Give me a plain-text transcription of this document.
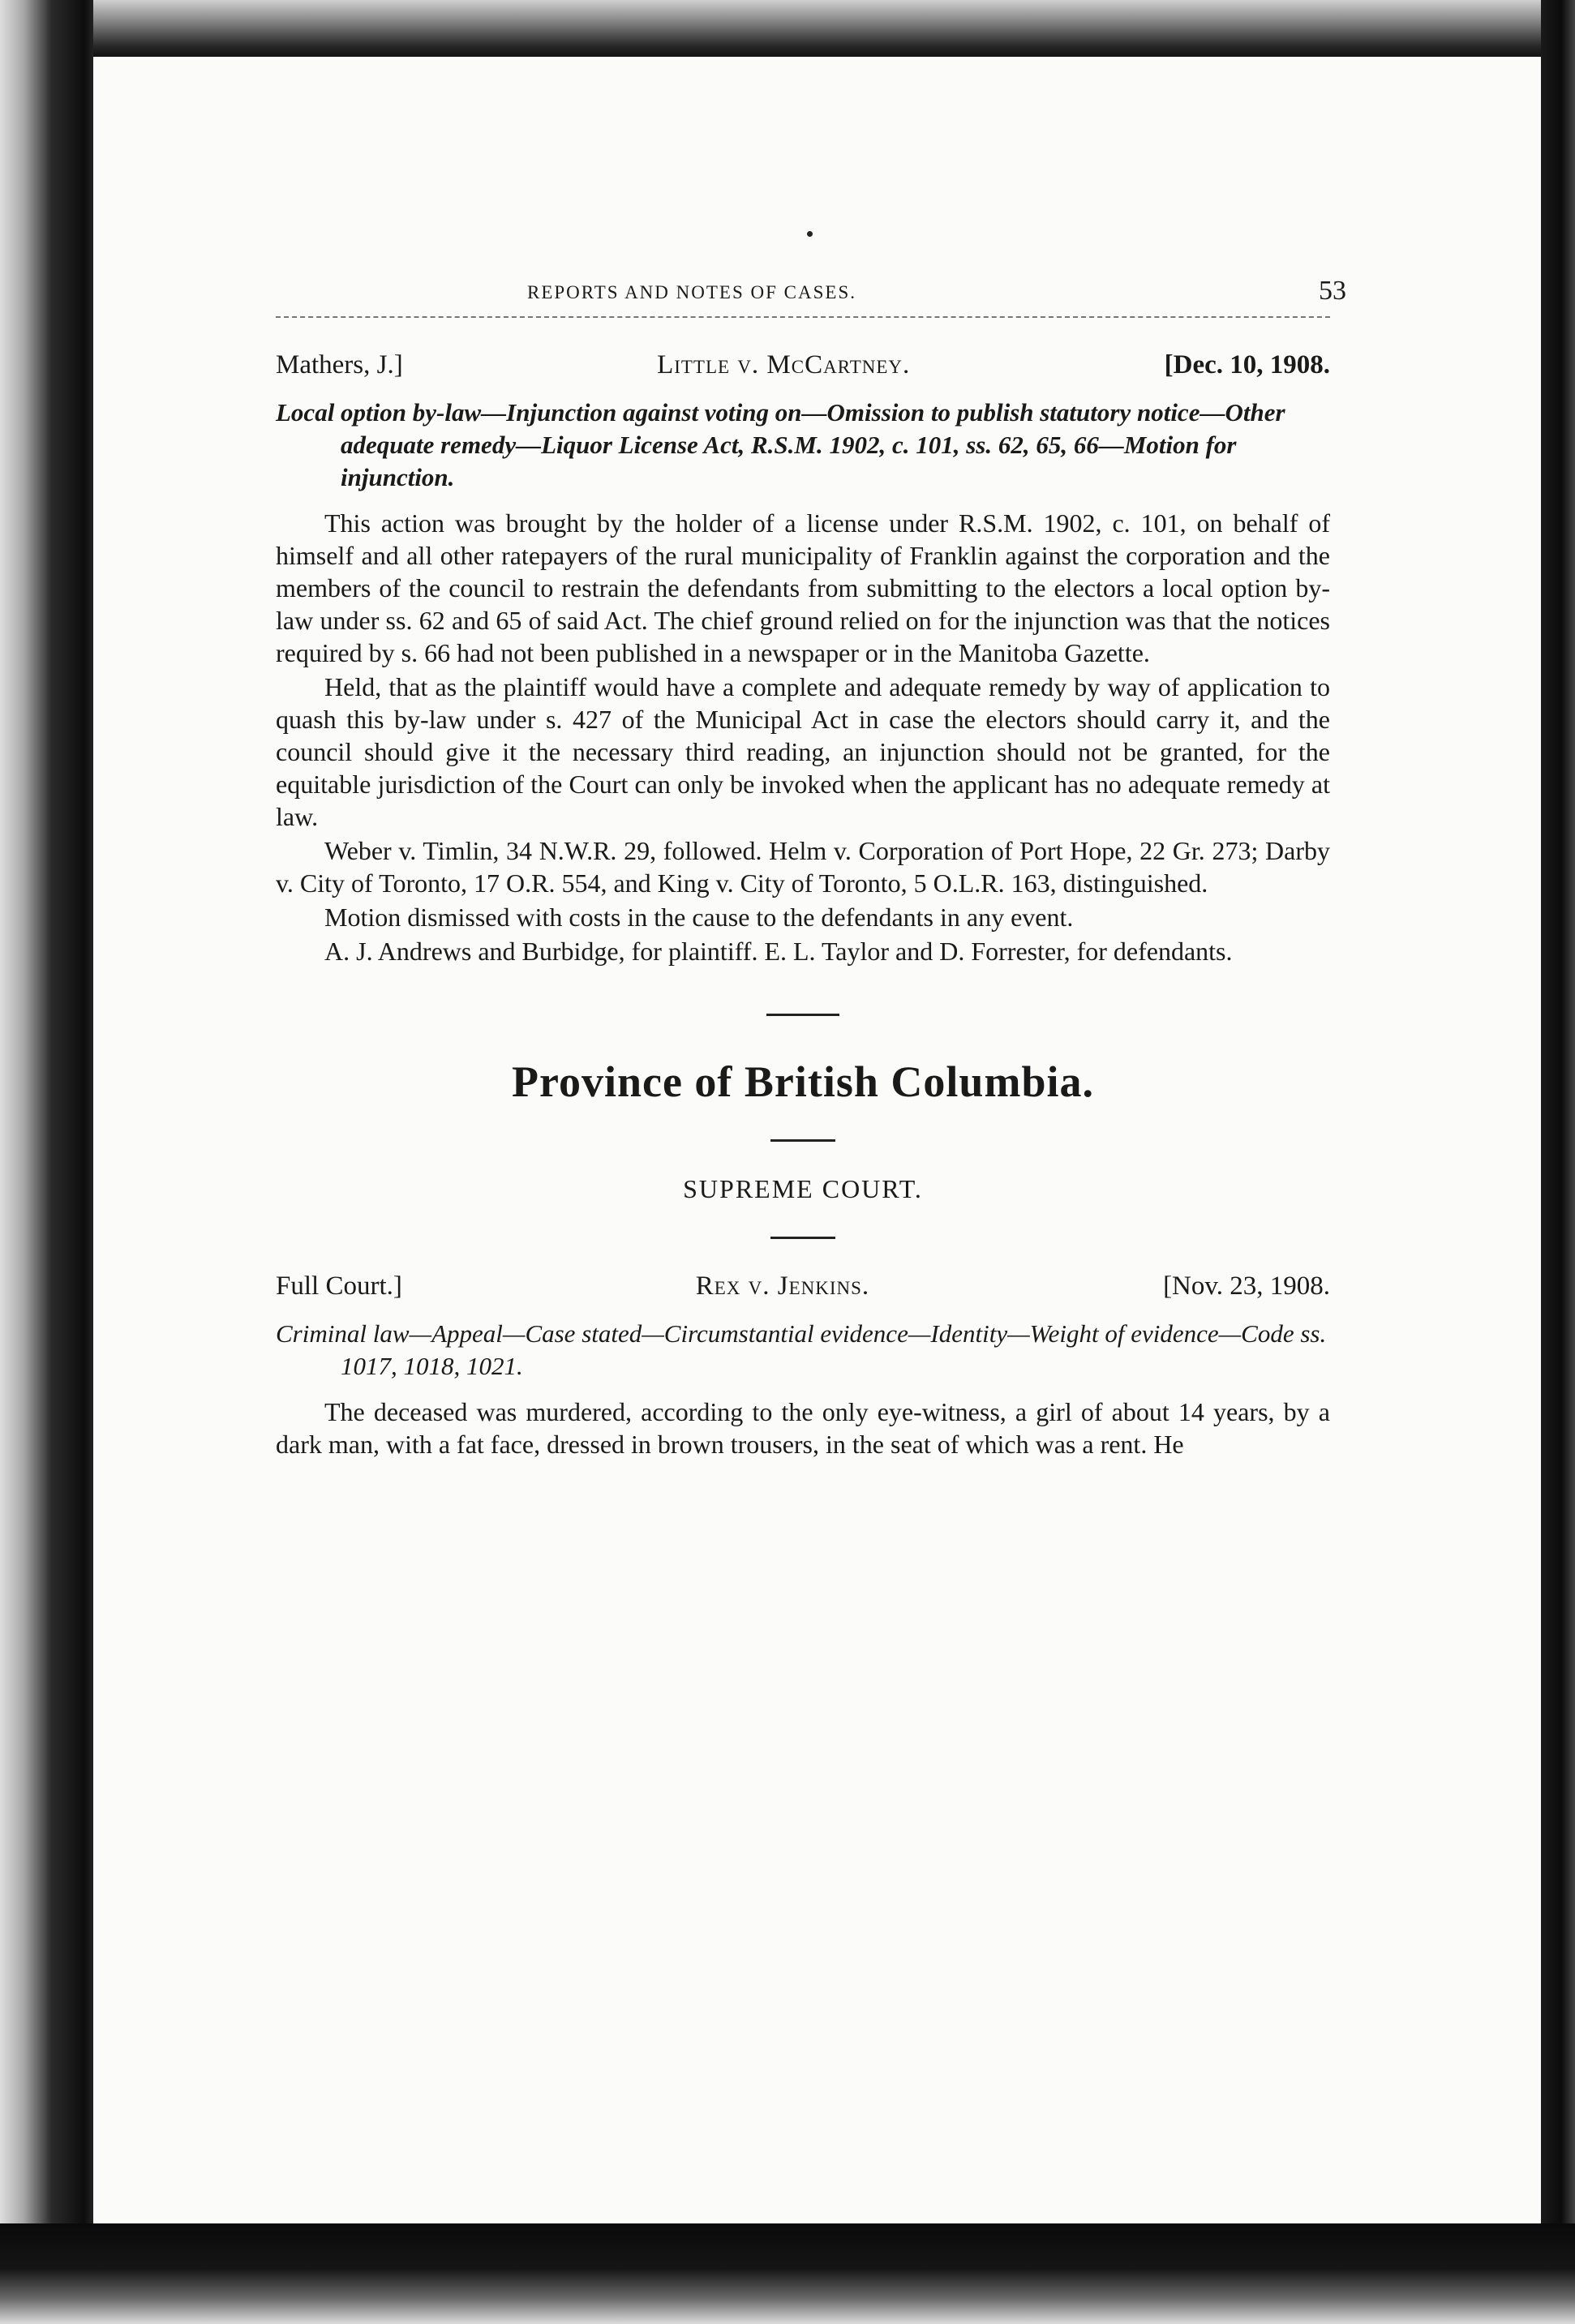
REPORTS AND NOTES OF CASES.	53
Mathers, J.]	Little v. McCartney.	[Dec. 10, 1908.
Local option by-law—Injunction against voting on—Omission to publish statutory notice—Other adequate remedy—Liquor License Act, R.S.M. 1902, c. 101, ss. 62, 65, 66—Motion for injunction.

This action was brought by the holder of a license under R.S.M. 1902, c. 101, on behalf of himself and all other ratepayers of the rural municipality of Franklin against the corporation and the members of the council to restrain the defendants from submitting to the electors a local option by-law under ss. 62 and 65 of said Act. The chief ground relied on for the injunction was that the notices required by s. 66 had not been published in a newspaper or in the Manitoba Gazette.

Held, that as the plaintiff would have a complete and adequate remedy by way of application to quash this by-law under s. 427 of the Municipal Act in case the electors should carry it, and the council should give it the necessary third reading, an injunction should not be granted, for the equitable jurisdiction of the Court can only be invoked when the applicant has no adequate remedy at law.

Weber v. Timlin, 34 N.W.R. 29, followed. Helm v. Corporation of Port Hope, 22 Gr. 273; Darby v. City of Toronto, 17 O.R. 554, and King v. City of Toronto, 5 O.L.R. 163, distinguished.

Motion dismissed with costs in the cause to the defendants in any event.

A. J. Andrews and Burbidge, for plaintiff. E. L. Taylor and D. Forrester, for defendants.

Province of British Columbia.
SUPREME COURT.
Full Court.]	Rex v. Jenkins.	[Nov. 23, 1908.
Criminal law—Appeal—Case stated—Circumstantial evidence—Identity—Weight of evidence—Code ss. 1017, 1018, 1021.

The deceased was murdered, according to the only eye-witness, a girl of about 14 years, by a dark man, with a fat face, dressed in brown trousers, in the seat of which was a rent. He
